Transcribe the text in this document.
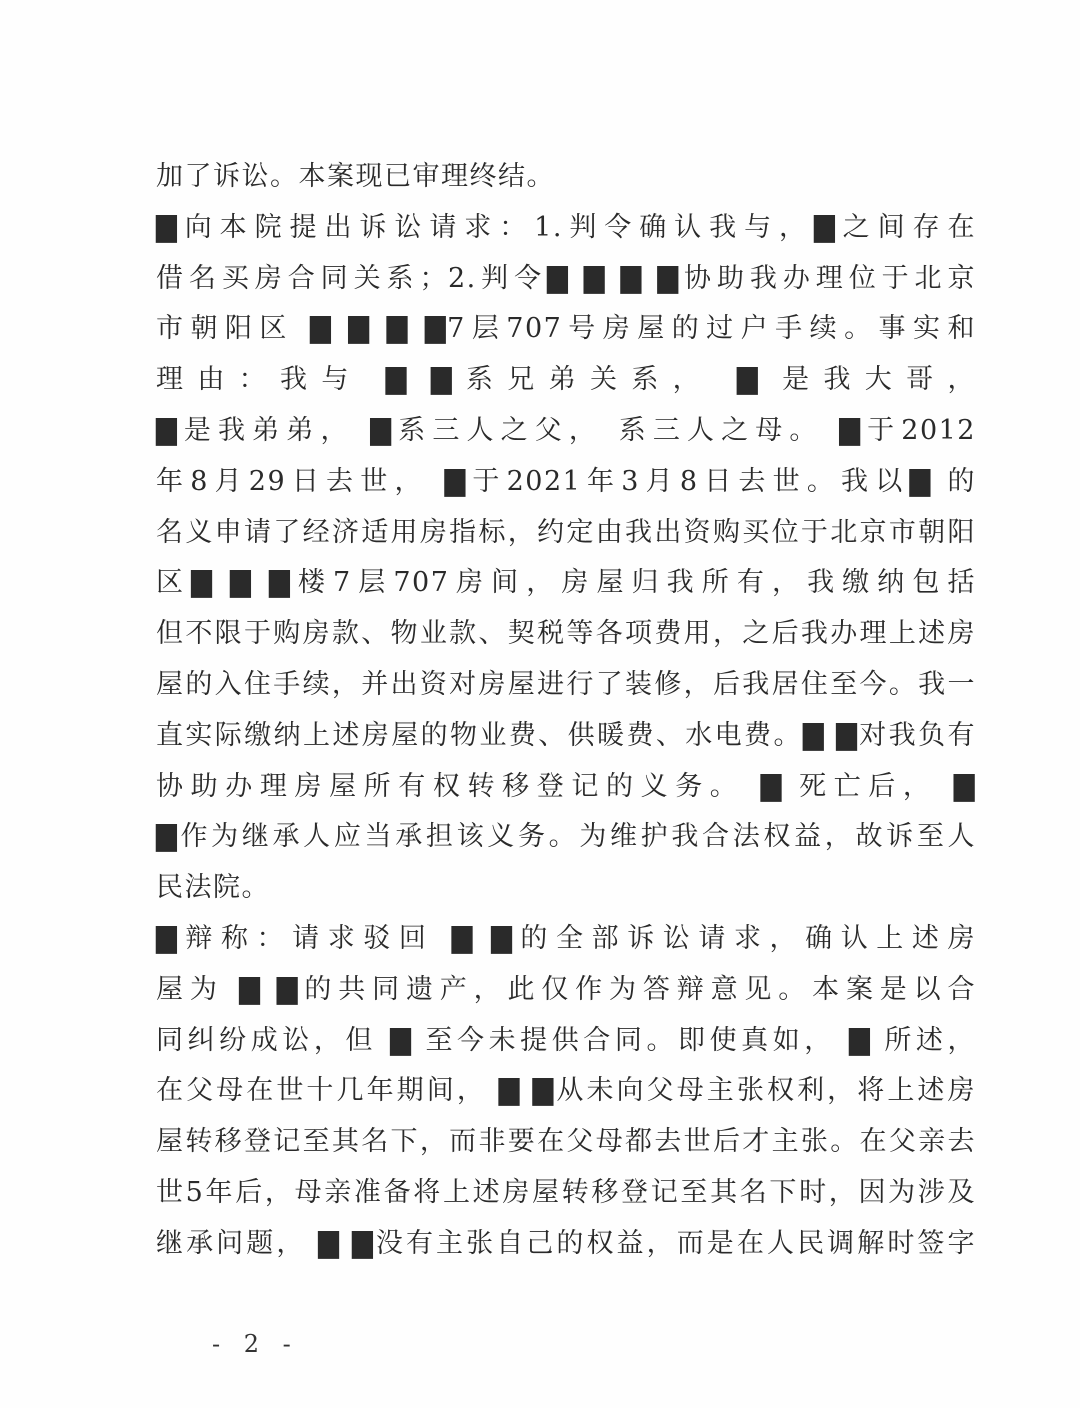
加了诉讼。本案现已审理终结。
▇向本院提出诉讼请求：1.判令确认我与，▇之间存在
借名买房合同关系；2.判令▇ ▇ ▇ ▇协助我办理位于北京
市朝阳区 ▇ ▇ ▇ ▇7层707号房屋的过户手续。事实和
理由：我与 ▇ ▇系兄弟关系， ▇ 是我大哥，
▇是我弟弟， ▇系三人之父， 系三人之母。 ▇于2012
年8月29日去世， ▇于2021年3月8日去世。我以▇ 的
名义申请了经济适用房指标，约定由我出资购买位于北京市朝阳
区▇ ▇ ▇楼7层707房间，房屋归我所有，我缴纳包括
但不限于购房款、物业款、契税等各项费用，之后我办理上述房
屋的入住手续，并出资对房屋进行了装修，后我居住至今。我一
直实际缴纳上述房屋的物业费、供暖费、水电费。▇ ▇对我负有
协助办理房屋所有权转移登记的义务。 ▇ 死亡后， ▇
▇作为继承人应当承担该义务。为维护我合法权益，故诉至人
民法院。
▇辩称：请求驳回 ▇ ▇的全部诉讼请求，确认上述房
屋为 ▇ ▇的共同遗产，此仅作为答辩意见。本案是以合
同纠纷成讼，但 ▇ 至今未提供合同。即使真如， ▇ 所述，
在父母在世十几年期间， ▇ ▇从未向父母主张权利，将上述房
屋转移登记至其名下，而非要在父母都去世后才主张。在父亲去
世5年后，母亲准备将上述房屋转移登记至其名下时，因为涉及
继承问题， ▇ ▇没有主张自己的权益，而是在人民调解时签字
- 2 -
